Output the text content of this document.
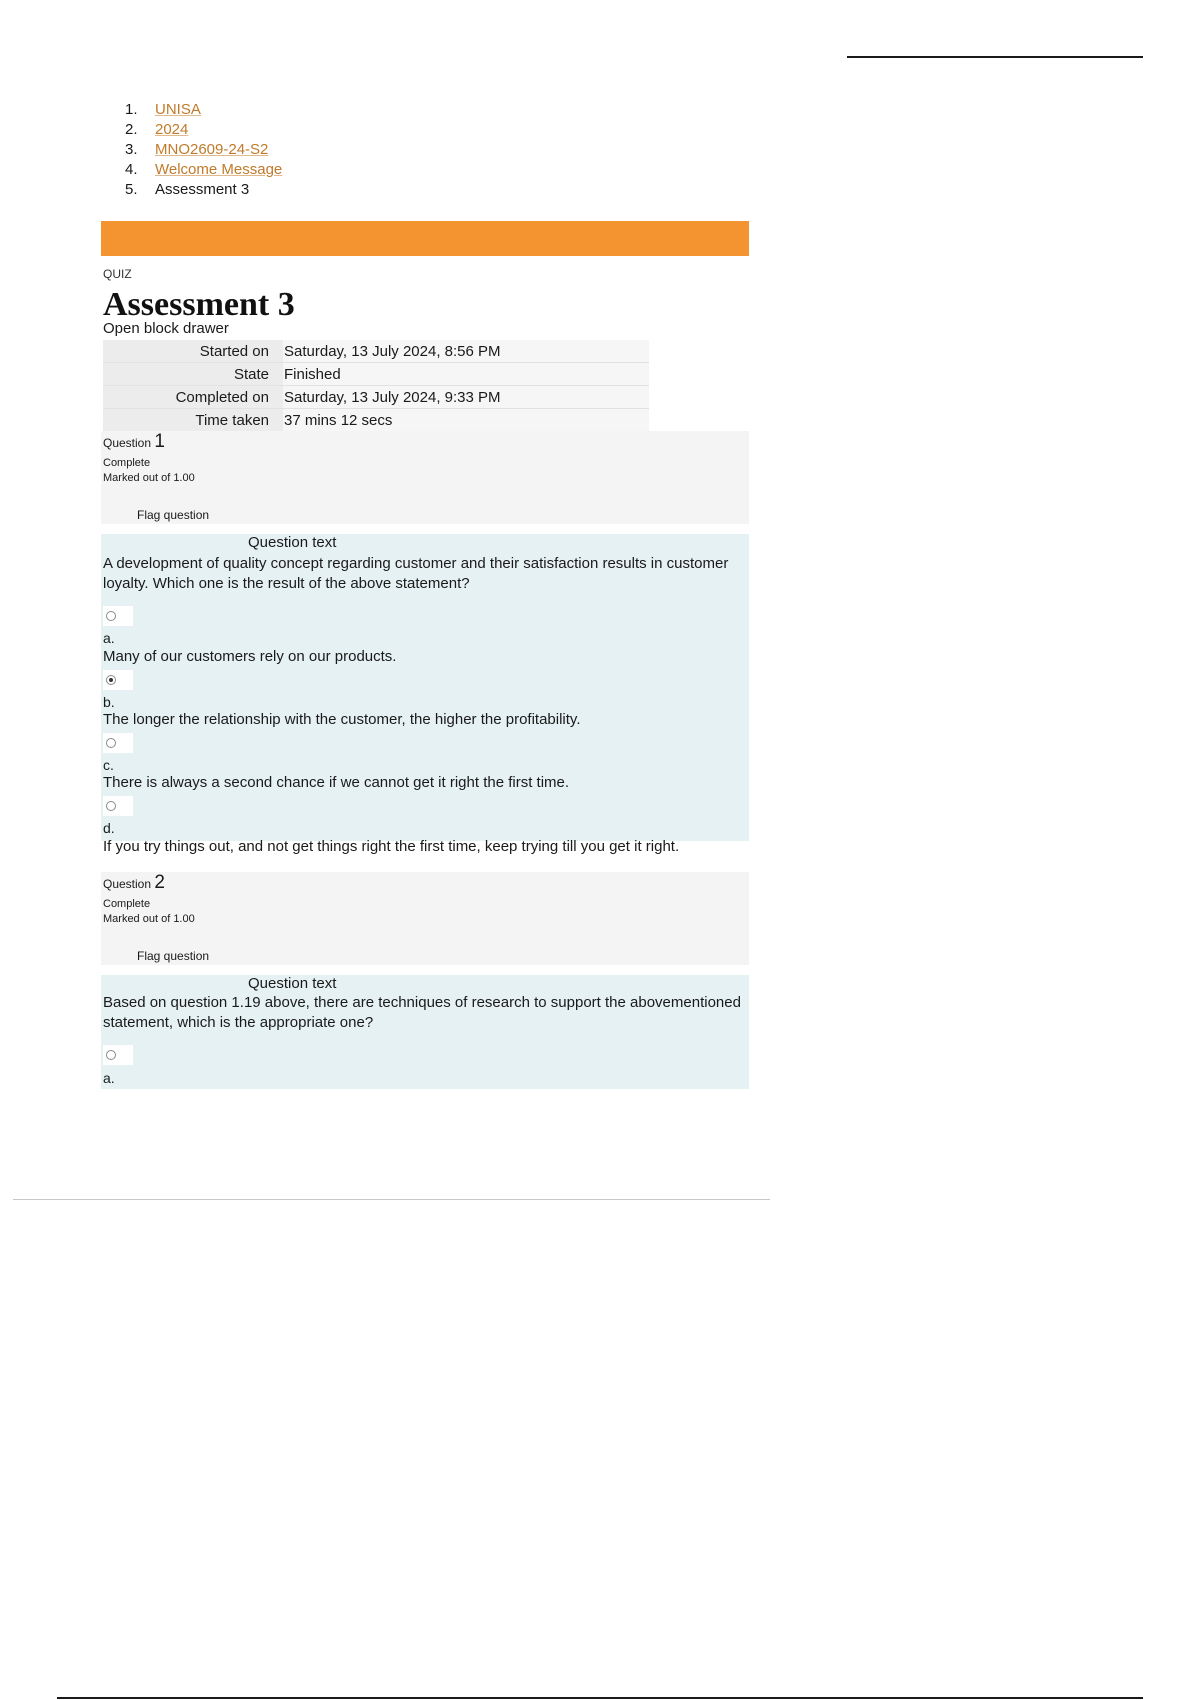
1. UNISA
2. 2024
3. MNO2609-24-S2
4. Welcome Message
5. Assessment 3
QUIZ
Assessment 3
Open block drawer
Started on	Saturday, 13 July 2024, 8:56 PM
State	Finished
Completed on	Saturday, 13 July 2024, 9:33 PM
Time taken	37 mins 12 secs
Question 1
Complete
Marked out of 1.00
Flag question
Question text
A development of quality concept regarding customer and their satisfaction results in customer loyalty. Which one is the result of the above statement?
a.
Many of our customers rely on our products.
b.
The longer the relationship with the customer, the higher the profitability.
c.
There is always a second chance if we cannot get it right the first time.
d.
If you try things out, and not get things right the first time, keep trying till you get it right.
Question 2
Complete
Marked out of 1.00
Flag question
Question text
Based on question 1.19 above, there are techniques of research to support the abovementioned statement, which is the appropriate one?
a.
